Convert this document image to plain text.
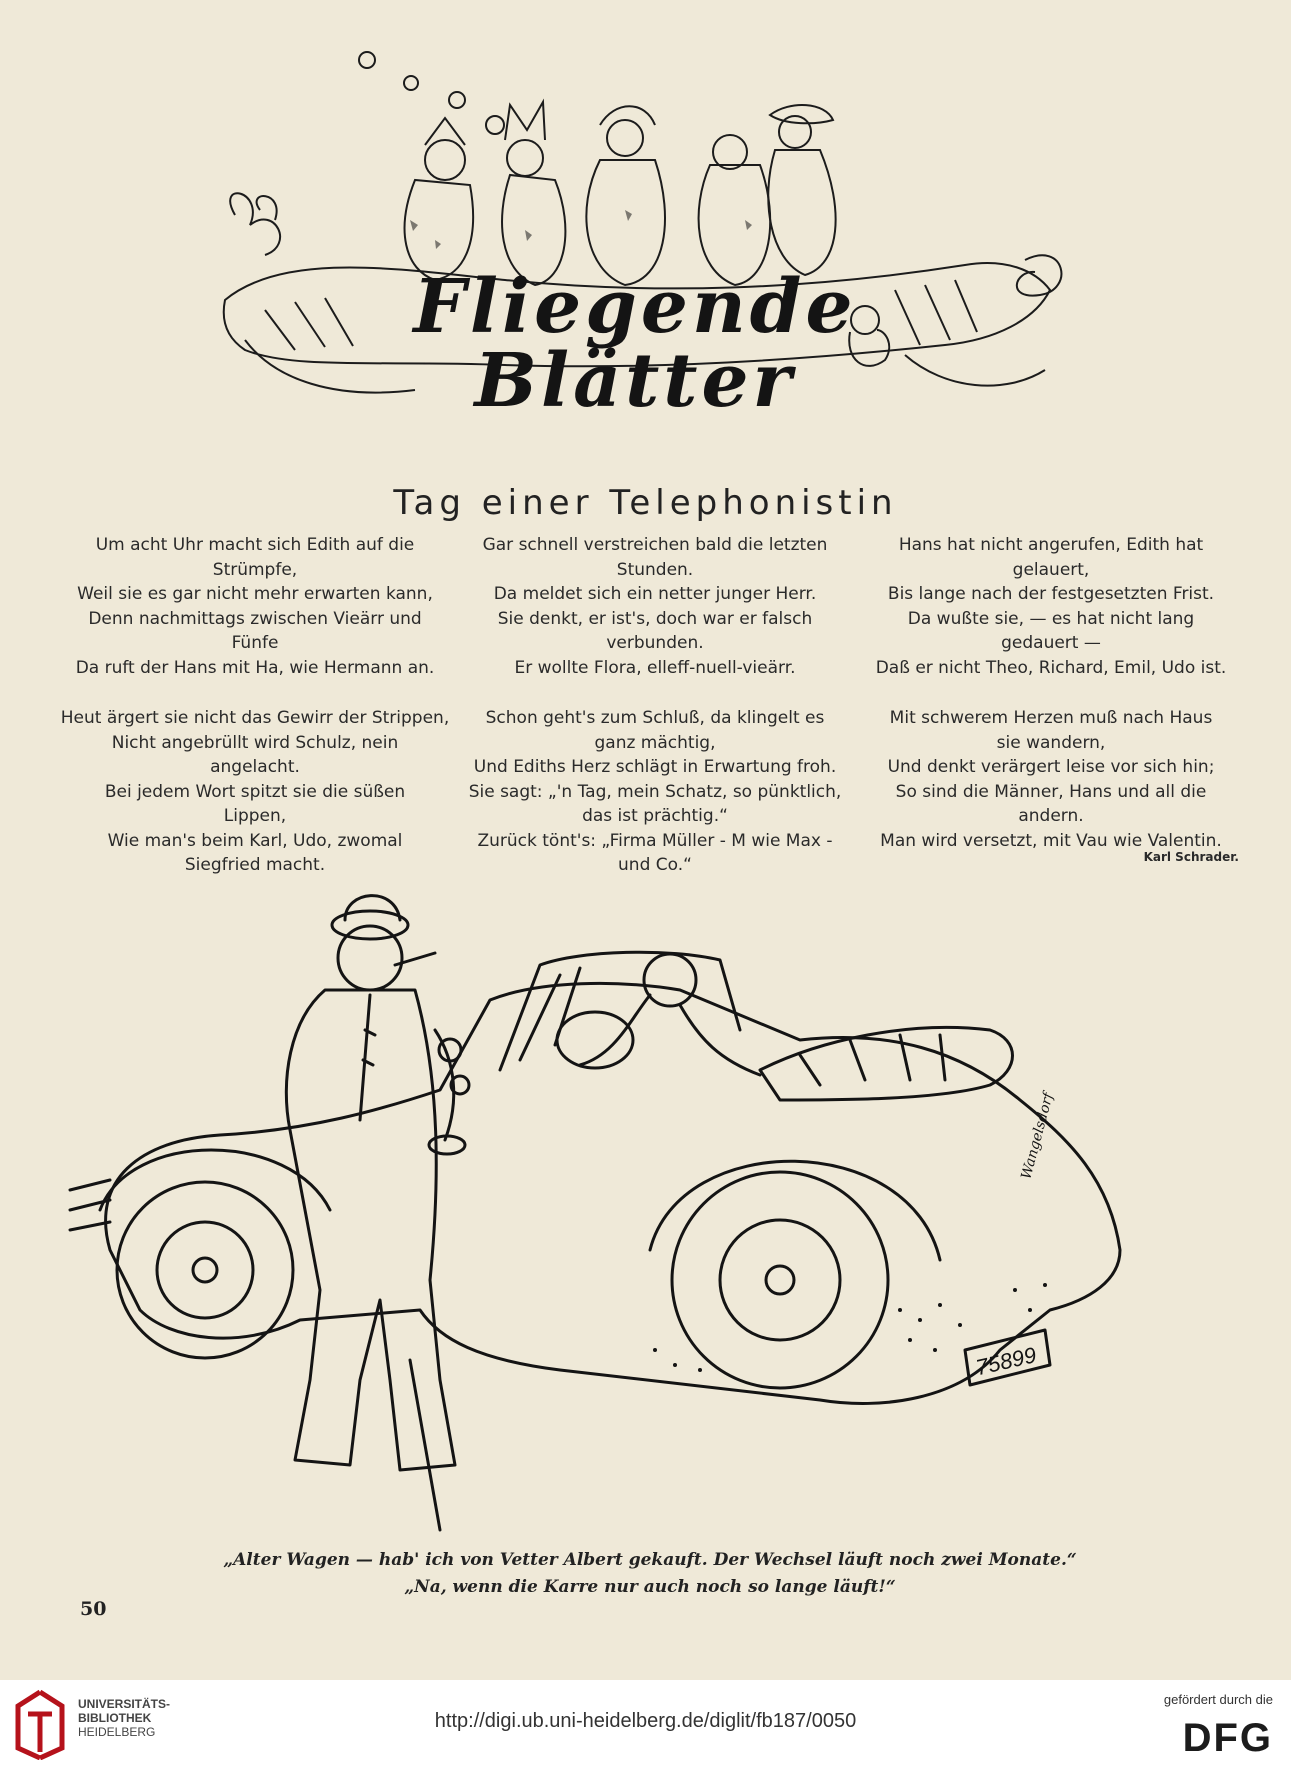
Fliegende Blätter
Tag einer Telephonistin

Um acht Uhr macht sich Edith auf die
Strümpfe,
Weil sie es gar nicht mehr erwarten kann,
Denn nachmittags zwischen Vieärr und
Fünfe
Da ruft der Hans mit Ha, wie Hermann an.

Heut ärgert sie nicht das Gewirr der Strippen,
Nicht angebrüllt wird Schulz, nein
angelacht.
Bei jedem Wort spitzt sie die süßen
Lippen,
Wie man's beim Karl, Udo, zwomal
Siegfried macht.

Gar schnell verstreichen bald die letzten
Stunden.
Da meldet sich ein netter junger Herr.
Sie denkt, er ist's, doch war er falsch
verbunden.
Er wollte Flora, elleff-nuell-vieärr.

Schon geht's zum Schluß, da klingelt es
ganz mächtig,
Und Ediths Herz schlägt in Erwartung froh.
Sie sagt: „'n Tag, mein Schatz, so pünktlich,
das ist prächtig.“
Zurück tönt's: „Firma Müller - M wie Max -
und Co.“

Hans hat nicht angerufen, Edith hat
gelauert,
Bis lange nach der festgesetzten Frist.
Da wußte sie, — es hat nicht lang
gedauert —
Daß er nicht Theo, Richard, Emil, Udo ist.

Mit schwerem Herzen muß nach Haus
sie wandern,
Und denkt verärgert leise vor sich hin;
So sind die Männer, Hans und all die
andern.
Man wird versetzt, mit Vau wie Valentin.

Karl Schrader.
75899
Wangelsdorf

„Alter Wagen — hab' ich von Vetter Albert gekauft. Der Wechsel läuft noch zwei Monate.“

„Na, wenn die Karre nur auch noch so lange läuft!“

50
UNIVERSITÄTS-
BIBLIOTHEK
HEIDELBERG	http://digi.ub.uni-heidelberg.de/diglit/fb187/0050
gefördert durch die
DFG
